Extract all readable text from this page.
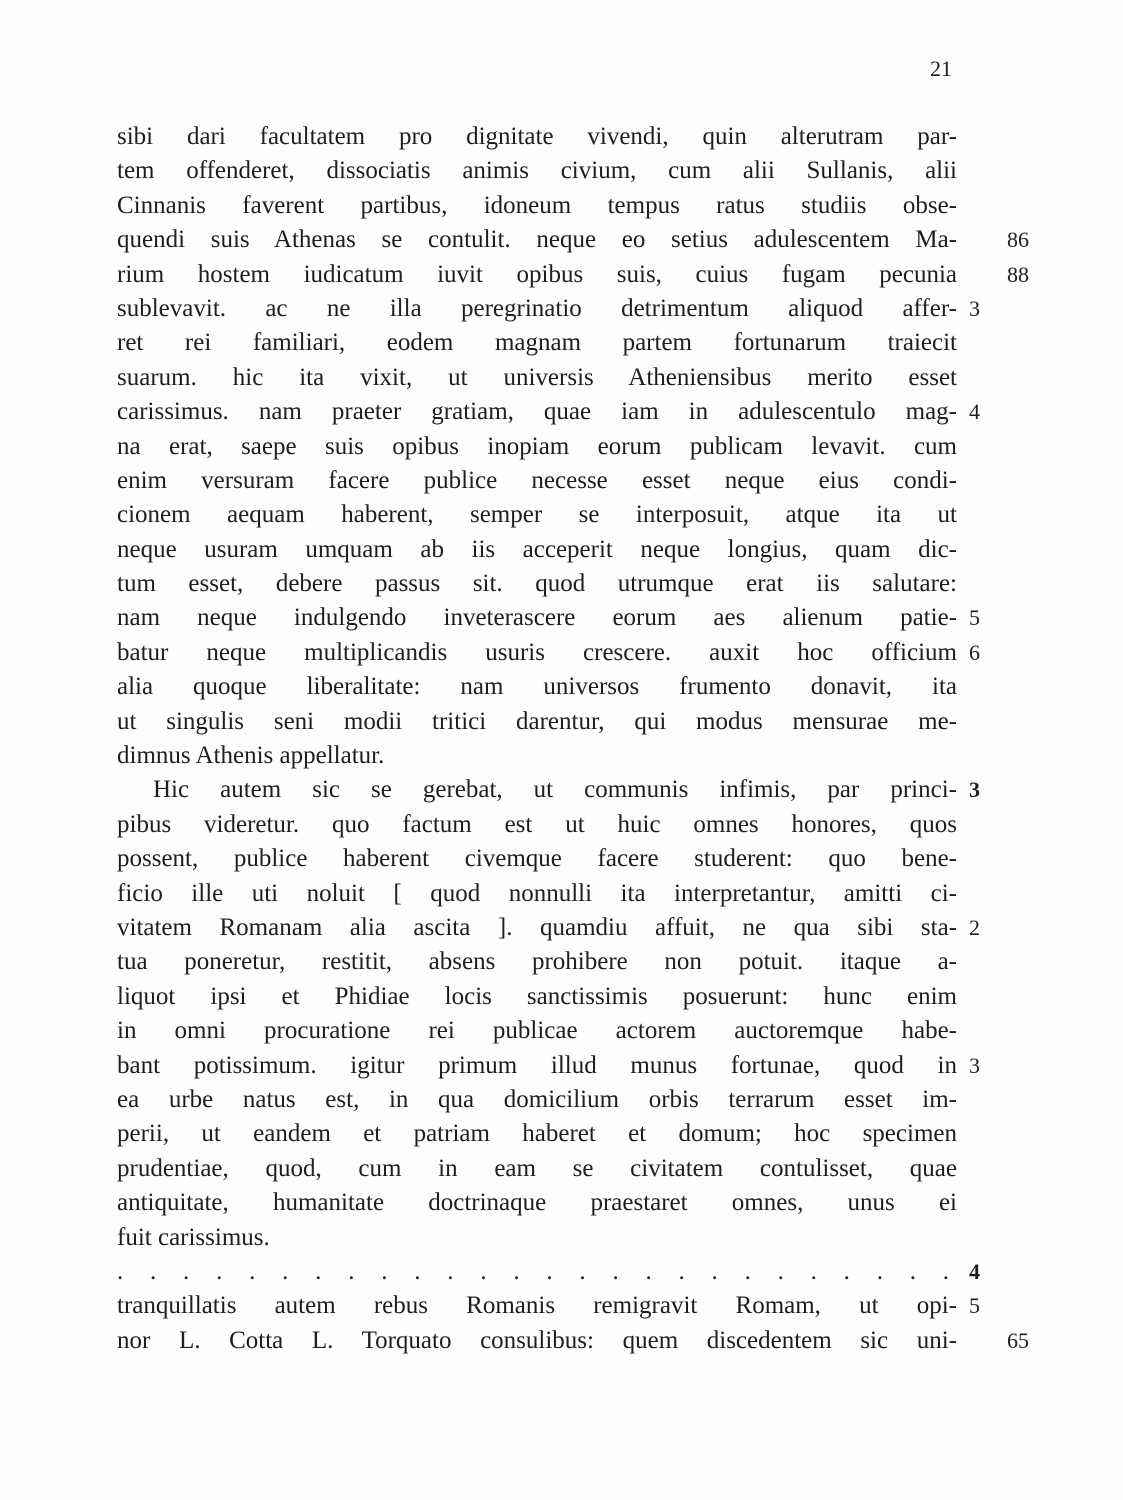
21
sibi dari facultatem pro dignitate vivendi, quin alterutram par-
tem offenderet, dissociatis animis civium, cum alii Sullanis, alii
Cinnanis faverent partibus, idoneum tempus ratus studiis obse-
quendi suis Athenas se contulit. neque eo setius adulescentem Ma- 86
rium hostem iudicatum iuvit opibus suis, cuius fugam pecunia 88
sublevavit. ac ne illa peregrinatio detrimentum aliquod affer- 3
ret rei familiari, eodem magnam partem fortunarum traiecit
suarum. hic ita vixit, ut universis Atheniensibus merito esset
carissimus. nam praeter gratiam, quae iam in adulescentulo mag- 4
na erat, saepe suis opibus inopiam eorum publicam levavit. cum
enim versuram facere publice necesse esset neque eius condi-
cionem aequam haberent, semper se interposuit, atque ita ut
neque usuram umquam ab iis acceperit neque longius, quam dic-
tum esset, debere passus sit. quod utrumque erat iis salutare:
nam neque indulgendo inveterascere eorum aes alienum patie- 5
batur neque multiplicandis usuris crescere. auxit hoc officium 6
alia quoque liberalitate: nam universos frumento donavit, ita
ut singulis seni modii tritici darentur, qui modus mensurae me-
dimnus Athenis appellatur.
Hic autem sic se gerebat, ut communis infimis, par princi- 3
pibus videretur. quo factum est ut huic omnes honores, quos
possent, publice haberent civemque facere studerent: quo bene-
ficio ille uti noluit [ quod nonnulli ita interpretantur, amitti ci-
vitatem Romanam alia ascita ]. quamdiu affuit, ne qua sibi sta- 2
tua poneretur, restitit, absens prohibere non potuit. itaque a-
liquot ipsi et Phidiae locis sanctissimis posuerunt: hunc enim
in omni procuratione rei publicae actorem auctoremque habe-
bant potissimum. igitur primum illud munus fortunae, quod in 3
ea urbe natus est, in qua domicilium orbis terrarum esset im-
perii, ut eandem et patriam haberet et domum; hoc specimen
prudentiae, quod, cum in eam se civitatem contulisset, quae
antiquitate, humanitate doctrinaque praestaret omnes, unus ei
fuit carissimus.
. . . . . . . . . . . . . . . . . . . . . . . . . . 4
tranquillatis autem rebus Romanis remigravit Romam, ut opi- 5
nor L. Cotta L. Torquato consulibus: quem discedentem sic uni- 65
